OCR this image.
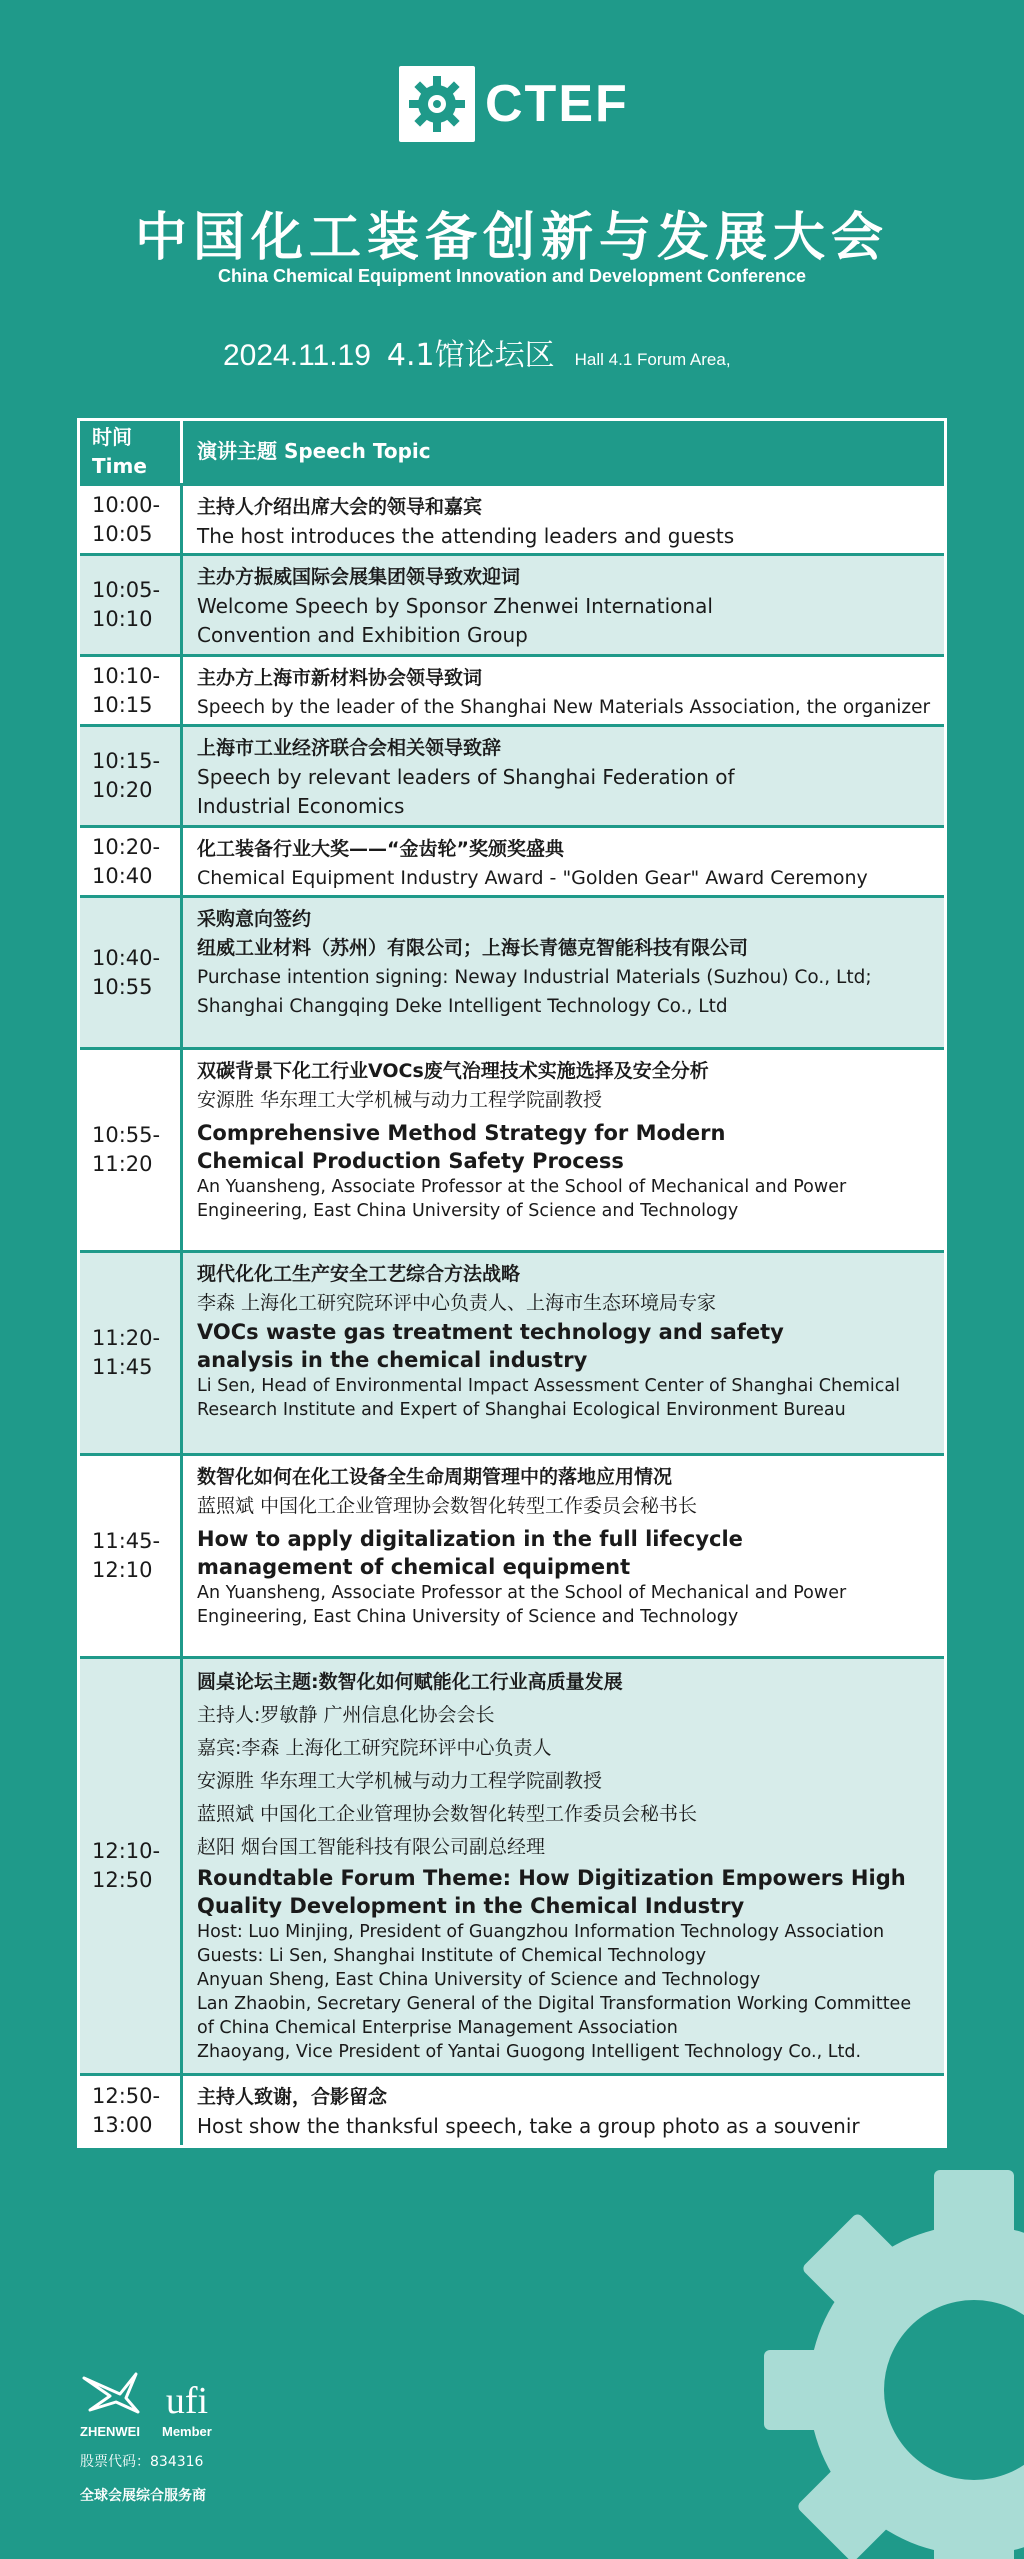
CTEF
中国化工装备创新与发展大会
China Chemical Equipment Innovation and Development Conference
2024.11.19 4.1馆论坛区 Hall 4.1 Forum Area,
时间 Time
演讲主题 Speech Topic
10:00-
10:05
主持人介绍出席大会的领导和嘉宾
The host introduces the attending leaders and guests
10:05-
10:10
主办方振威国际会展集团领导致欢迎词
Welcome Speech by Sponsor Zhenwei International Convention and Exhibition Group
10:10-
10:15
主办方上海市新材料协会领导致词
Speech by the leader of the Shanghai New Materials Association, the organizer
10:15-
10:20
上海市工业经济联合会相关领导致辞
Speech by relevant leaders of Shanghai Federation of Industrial Economics
10:20-
10:40
化工装备行业大奖——“金齿轮”奖颁奖盛典
Chemical Equipment Industry Award - "Golden Gear" Award Ceremony
10:40-
10:55
采购意向签约
纽威工业材料（苏州）有限公司；上海长青德克智能科技有限公司
Purchase intention signing: Neway Industrial Materials (Suzhou) Co., Ltd; Shanghai Changqing Deke Intelligent Technology Co., Ltd
10:55-
11:20
双碳背景下化工行业VOCs废气治理技术实施选择及安全分析
安源胜 华东理工大学机械与动力工程学院副教授
Comprehensive Method Strategy for Modern Chemical Production Safety Process
An Yuansheng, Associate Professor at the School of Mechanical and Power Engineering, East China University of Science and Technology
11:20-
11:45
现代化化工生产安全工艺综合方法战略
李森 上海化工研究院环评中心负责人、上海市生态环境局专家
VOCs waste gas treatment technology and safety analysis in the chemical industry
Li Sen, Head of Environmental Impact Assessment Center of Shanghai Chemical Research Institute and Expert of Shanghai Ecological Environment Bureau
11:45-
12:10
数智化如何在化工设备全生命周期管理中的落地应用情况
蓝照斌 中国化工企业管理协会数智化转型工作委员会秘书长
How to apply digitalization in the full lifecycle management of chemical equipment
An Yuansheng, Associate Professor at the School of Mechanical and Power Engineering, East China University of Science and Technology
12:10-
12:50
圆桌论坛主题:数智化如何赋能化工行业高质量发展
主持人:罗敏静 广州信息化协会会长
嘉宾:李森 上海化工研究院环评中心负责人
安源胜 华东理工大学机械与动力工程学院副教授
蓝照斌 中国化工企业管理协会数智化转型工作委员会秘书长
赵阳 烟台国工智能科技有限公司副总经理
Roundtable Forum Theme: How Digitization Empowers High Quality Development in the Chemical Industry
Host: Luo Minjing, President of Guangzhou Information Technology Association
Guests: Li Sen, Shanghai Institute of Chemical Technology
Anyuan Sheng, East China University of Science and Technology
Lan Zhaobin, Secretary General of the Digital Transformation Working Committee of China Chemical Enterprise Management Association
Zhaoyang, Vice President of Yantai Guogong Intelligent Technology Co., Ltd.
12:50-
13:00
主持人致谢，合影留念
Host show the thanksful speech, take a group photo as a souvenir
ZHENWEI
ufi
Member
股票代码：834316
全球会展综合服务商
